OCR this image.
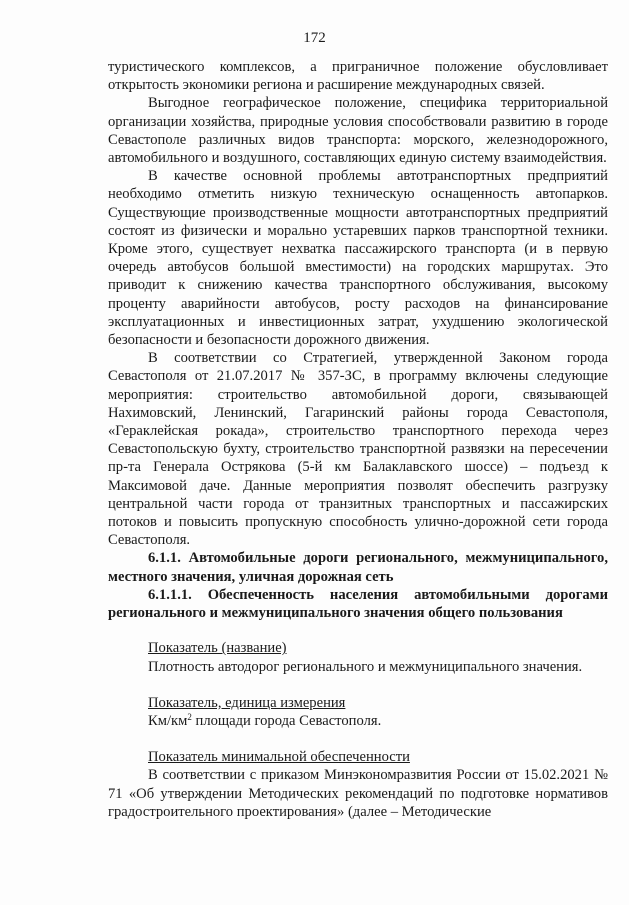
172

туристического комплексов, а приграничное положение обусловливает открытость экономики региона и расширение международных связей.

Выгодное географическое положение, специфика территориальной организации хозяйства, природные условия способствовали развитию в городе Севастополе различных видов транспорта: морского, железнодорожного, автомобильного и воздушного, составляющих единую систему взаимодействия.

В качестве основной проблемы автотранспортных предприятий необходимо отметить низкую техническую оснащенность автопарков. Существующие производственные мощности автотранспортных предприятий состоят из физически и морально устаревших парков транспортной техники. Кроме этого, существует нехватка пассажирского транспорта (и в первую очередь автобусов большой вместимости) на городских маршрутах. Это приводит к снижению качества транспортного обслуживания, высокому проценту аварийности автобусов, росту расходов на финансирование эксплуатационных и инвестиционных затрат, ухудшению экологической безопасности и безопасности дорожного движения.

В соответствии со Стратегией, утвержденной Законом города Севастополя от 21.07.2017 № 357-ЗС, в программу включены следующие мероприятия: строительство автомобильной дороги, связывающей Нахимовский, Ленинский, Гагаринский районы города Севастополя, «Гераклейская рокада», строительство транспортного перехода через Севастопольскую бухту, строительство транспортной развязки на пересечении пр-та Генерала Острякова (5-й км Балаклавского шоссе) – подъезд к Максимовой даче. Данные мероприятия позволят обеспечить разгрузку центральной части города от транзитных транспортных и пассажирских потоков и повысить пропускную способность улично-дорожной сети города Севастополя.

6.1.1. Автомобильные дороги регионального, межмуниципального, местного значения, уличная дорожная сеть

6.1.1.1. Обеспеченность населения автомобильными дорогами регионального и межмуниципального значения общего пользования

Показатель (название)

Плотность автодорог регионального и межмуниципального значения.

Показатель, единица измерения

$Км/км^2$ площади города Севастополя.

Показатель минимальной обеспеченности

В соответствии с приказом Минэкономразвития России от 15.02.2021 № 71 «Об утверждении Методических рекомендаций по подготовке нормативов градостроительного проектирования» (далее – Методические
